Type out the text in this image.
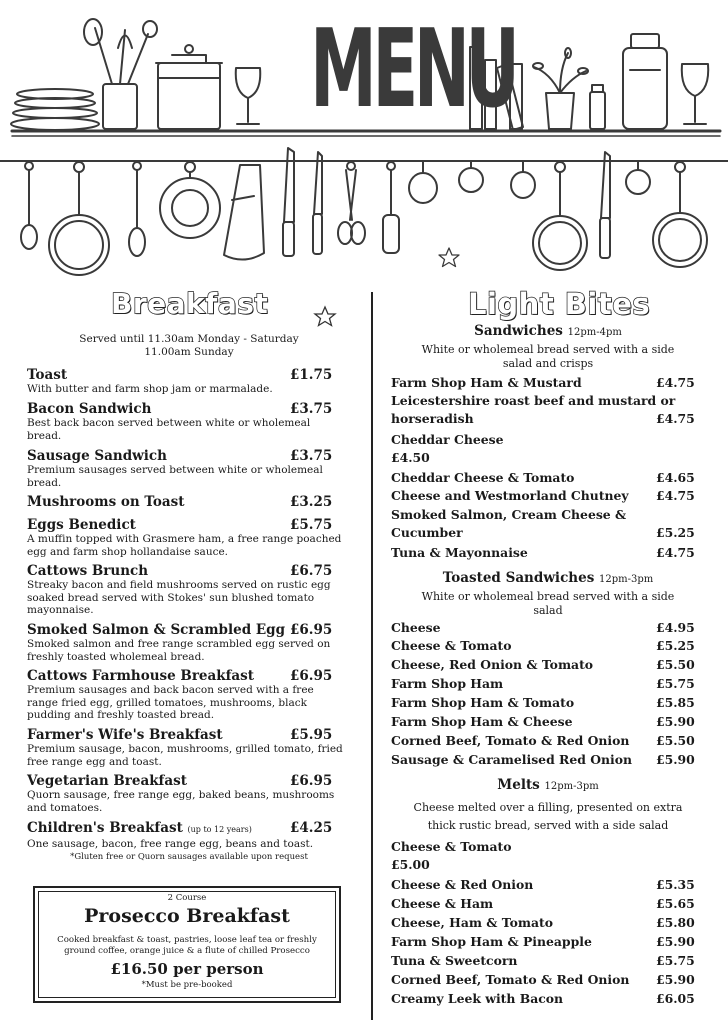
MENU
Breakfast
Served until 11.30am Monday - Saturday
11.00am Sunday
Toast	£1.75
With butter and farm shop jam or marmalade.
Bacon Sandwich	£3.75
Best back bacon served between white or wholemeal bread.
Sausage Sandwich	£3.75
Premium sausages served between white or wholemeal bread.
Mushrooms on Toast	£3.25
Eggs Benedict	£5.75
A muffin topped with Grasmere ham, a free range poached egg and farm shop hollandaise sauce.
Cattows Brunch	£6.75
Streaky bacon and field mushrooms served on rustic egg soaked bread served with Stokes' sun blushed tomato mayonnaise.
Smoked Salmon & Scrambled Egg £6.95
Smoked salmon and free range scrambled egg served on freshly toasted wholemeal bread.
Cattows Farmhouse Breakfast	£6.95
Premium sausages and back bacon served with a free range fried egg, grilled tomatoes, mushrooms, black pudding and freshly toasted bread.
Farmer's Wife's Breakfast	£5.95
Premium sausage, bacon, mushrooms, grilled tomato, fried free range egg and toast.
Vegetarian Breakfast	£6.95
Quorn sausage, free range egg, baked beans, mushrooms and tomatoes.
Children's Breakfast (up to 12 years)	£4.25
One sausage, bacon, free range egg, beans and toast.
*Gluten free or Quorn sausages available upon request
2 Course
Prosecco Breakfast
Cooked breakfast & toast, pastries, loose leaf tea or freshly
ground coffee, orange juice & a flute of chilled Prosecco
£16.50 per person
*Must be pre-booked
Light Bites
Sandwiches 12pm-4pm
White or wholemeal bread served with a side
salad and crisps
Farm Shop Ham & Mustard	£4.75
Leicestershire roast beef and mustard or
horseradish	£4.75
Cheddar Cheese
£4.50
Cheddar Cheese & Tomato	£4.65
Cheese and Westmorland Chutney £4.75
Smoked Salmon, Cream Cheese &
Cucumber	£5.25
Tuna & Mayonnaise	£4.75
Toasted Sandwiches 12pm-3pm
White or wholemeal bread served with a side
salad
Cheese	£4.95
Cheese & Tomato	£5.25
Cheese, Red Onion & Tomato	£5.50
Farm Shop Ham	£5.75
Farm Shop Ham & Tomato	£5.85
Farm Shop Ham & Cheese	£5.90
Corned Beef, Tomato & Red Onion £5.50
Sausage & Caramelised Red Onion £5.90
Melts 12pm-3pm
Cheese melted over a filling, presented on extra
thick rustic bread, served with a side salad
Cheese & Tomato
£5.00
Cheese & Red Onion	£5.35
Cheese & Ham	£5.65
Cheese, Ham & Tomato	£5.80
Farm Shop Ham & Pineapple	£5.90
Tuna & Sweetcorn	£5.75
Corned Beef, Tomato & Red Onion £5.90
Creamy Leek with Bacon	£6.05
